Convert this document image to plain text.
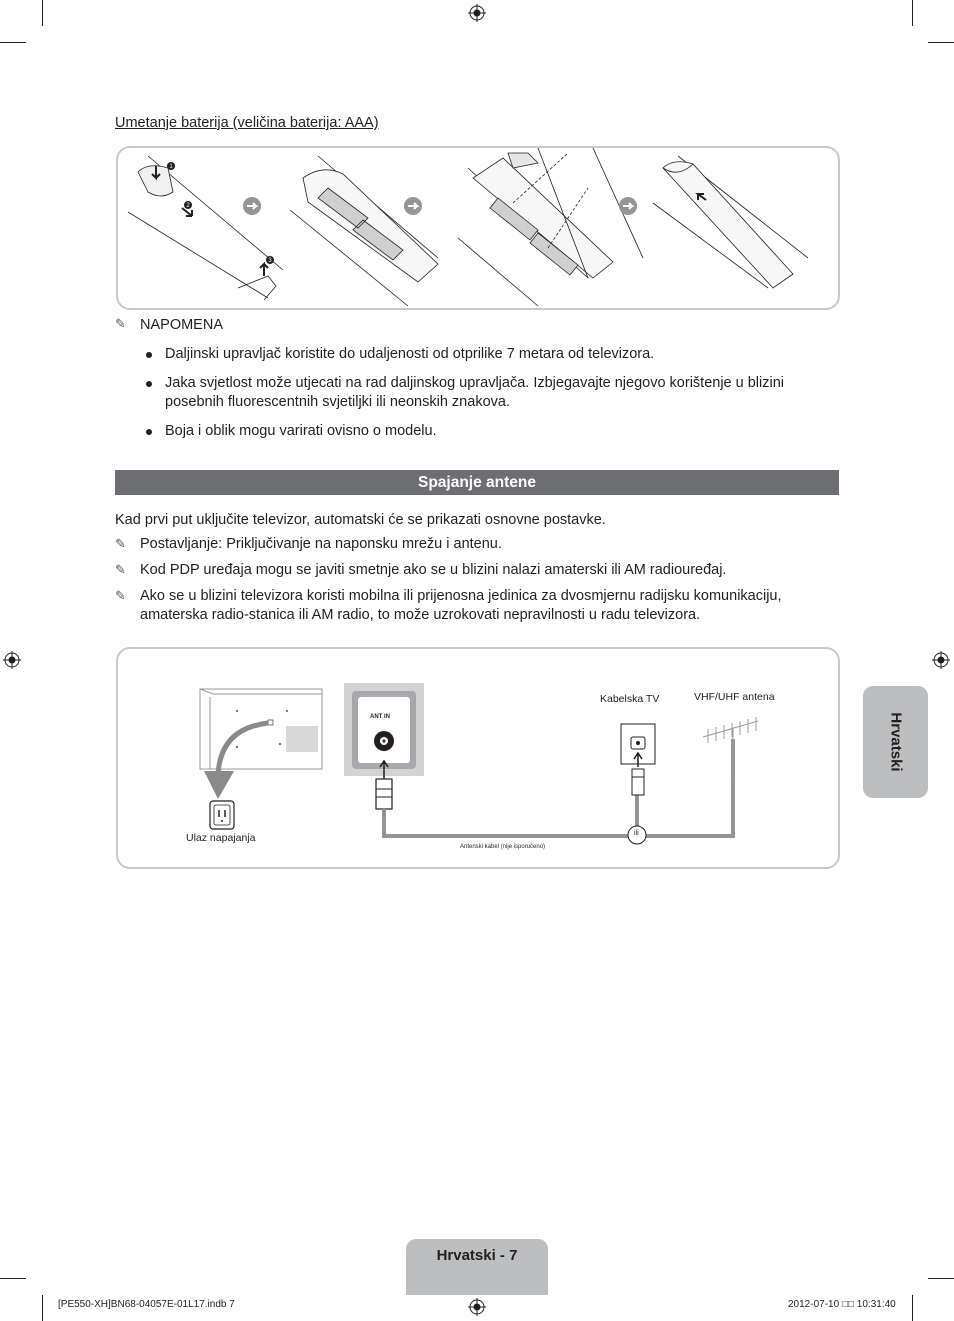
Umetanje baterija (veličina baterija: AAA)
1
2
3
✎ NAPOMENA
Daljinski upravljač koristite do udaljenosti od otprilike 7 metara od televizora.
Jaka svjetlost može utjecati na rad daljinskog upravljača. Izbjegavajte njegovo korištenje u blizini
posebnih fluorescentnih svjetiljki ili neonskih znakova.
Boja i oblik mogu varirati ovisno o modelu.
Spajanje antene
Kad prvi put uključite televizor, automatski će se prikazati osnovne postavke.
✎ Postavljanje: Priključivanje na naponsku mrežu i antenu.
✎ Kod PDP uređaja mogu se javiti smetnje ako se u blizini nalazi amaterski ili AM radiouređaj.
✎ Ako se u blizini televizora koristi mobilna ili prijenosna jedinica za dvosmjernu radijsku komunikaciju,
amaterska radio-stanica ili AM radio, to može uzrokovati nepravilnosti u radu televizora.
ANT IN
Ulaz napajanja
Kabelska TV	VHF/UHF antena
Antenski kabel (nije isporučeno)
ili
Hrvatski
Hrvatski - 7
[PE550-XH]BN68-04057E-01L17.indb 7	2012-07-10 □□ 10:31:40
